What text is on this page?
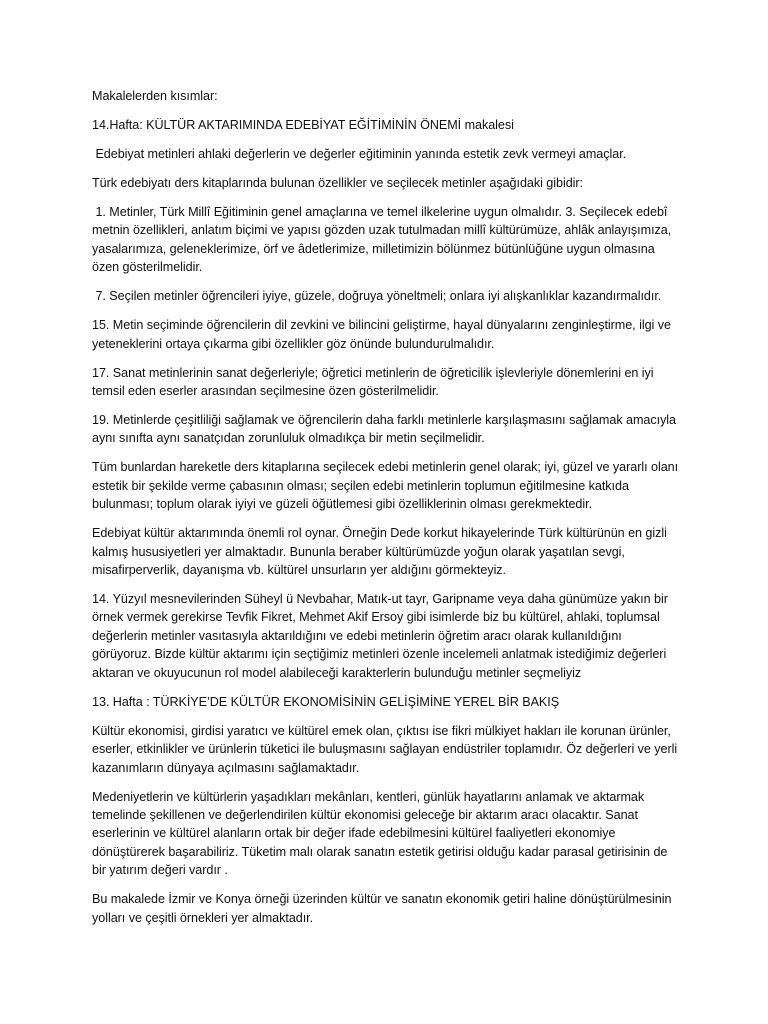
Makalelerden kısımlar:

14.Hafta: KÜLTÜR AKTARIMINDA EDEBİYAT EĞİTİMİNİN ÖNEMİ makalesi

Edebiyat metinleri ahlaki değerlerin ve değerler eğitiminin yanında estetik zevk vermeyi amaçlar.

Türk edebiyatı ders kitaplarında bulunan özellikler ve seçilecek metinler aşağıdaki gibidir:

1. Metinler, Türk Millî Eğitiminin genel amaçlarına ve temel ilkelerine uygun olmalıdır. 3. Seçilecek edebî metnin özellikleri, anlatım biçimi ve yapısı gözden uzak tutulmadan millî kültürümüze, ahlâk anlayışımıza, yasalarımıza, geleneklerimize, örf ve âdetlerimize, milletimizin bölünmez bütünlüğüne uygun olmasına özen gösterilmelidir.

7. Seçilen metinler öğrencileri iyiye, güzele, doğruya yöneltmeli; onlara iyi alışkanlıklar kazandırmalıdır.

15. Metin seçiminde öğrencilerin dil zevkini ve bilincini geliştirme, hayal dünyalarını zenginleştirme, ilgi ve yeteneklerini ortaya çıkarma gibi özellikler göz önünde bulundurulmalıdır.

17. Sanat metinlerinin sanat değerleriyle; öğretici metinlerin de öğreticilik işlevleriyle dönemlerini en iyi temsil eden eserler arasından seçilmesine özen gösterilmelidir.

19. Metinlerde çeşitliliği sağlamak ve öğrencilerin daha farklı metinlerle karşılaşmasını sağlamak amacıyla aynı sınıfta aynı sanatçıdan zorunluluk olmadıkça bir metin seçilmelidir.

Tüm bunlardan hareketle ders kitaplarına seçilecek edebi metinlerin genel olarak; iyi, güzel ve yararlı olanı estetik bir şekilde verme çabasının olması; seçilen edebi metinlerin toplumun eğitilmesine katkıda bulunması; toplum olarak iyiyi ve güzeli öğütlemesi gibi özelliklerinin olması gerekmektedir.

Edebiyat kültür aktarımında önemli rol oynar. Örneğin Dede korkut hikayelerinde Türk kültürünün en gizli kalmış hususiyetleri yer almaktadır. Bununla beraber kültürümüzde yoğun olarak yaşatılan sevgi, misafirperverlik, dayanışma vb. kültürel unsurların yer aldığını görmekteyiz.

14. Yüzyıl mesnevilerinden Süheyl ü Nevbahar, Matık-ut tayr, Garipname veya daha günümüze yakın bir örnek vermek gerekirse Tevfik Fikret, Mehmet Akif Ersoy gibi isimlerde biz bu kültürel, ahlaki, toplumsal değerlerin metinler vasıtasıyla aktarıldığını ve edebi metinlerin öğretim aracı olarak kullanıldığını görüyoruz. Bizde kültür aktarımı için seçtiğimiz metinleri özenle incelemeli anlatmak istediğimiz değerleri aktaran ve okuyucunun rol model alabileceği karakterlerin bulunduğu metinler seçmeliyiz

13. Hafta : TÜRKİYE’DE KÜLTÜR EKONOMİSİNİN GELİŞİMİNE YEREL BİR BAKIŞ

Kültür ekonomisi, girdisi yaratıcı ve kültürel emek olan, çıktısı ise fikri mülkiyet hakları ile korunan ürünler, eserler, etkinlikler ve ürünlerin tüketici ile buluşmasını sağlayan endüstriler toplamıdır. Öz değerleri ve yerli kazanımların dünyaya açılmasını sağlamaktadır.

Medeniyetlerin ve kültürlerin yaşadıkları mekânları, kentleri, günlük hayatlarını anlamak ve aktarmak temelinde şekillenen ve değerlendirilen kültür ekonomisi geleceğe bir aktarım aracı olacaktır. Sanat eserlerinin ve kültürel alanların ortak bir değer ifade edebilmesini kültürel faaliyetleri ekonomiye dönüştürerek başarabiliriz. Tüketim malı olarak sanatın estetik getirisi olduğu kadar parasal getirisinin de bir yatırım değeri vardır .

Bu makalede İzmir ve Konya örneği üzerinden kültür ve sanatın ekonomik getiri haline dönüştürülmesinin yolları ve çeşitli örnekleri yer almaktadır.
